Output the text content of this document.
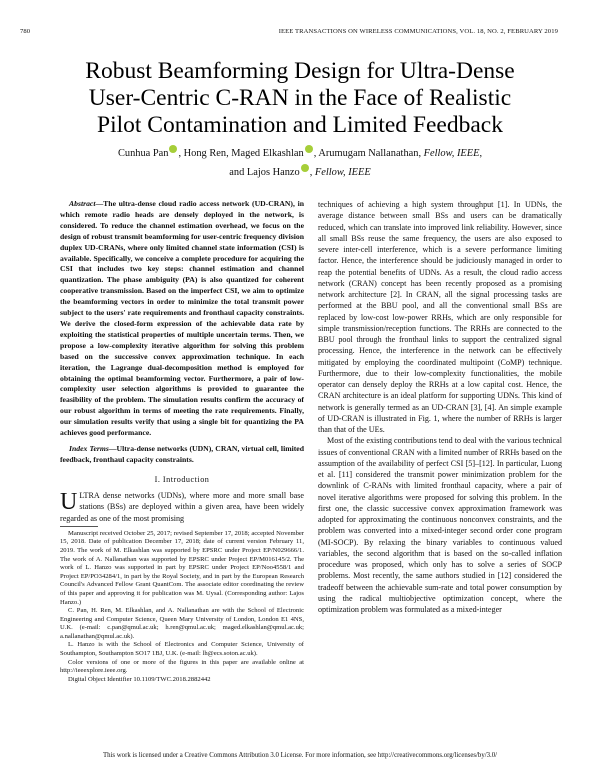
780	IEEE TRANSACTIONS ON WIRELESS COMMUNICATIONS, VOL. 18, NO. 2, FEBRUARY 2019
Robust Beamforming Design for Ultra-Dense
User-Centric C-RAN in the Face of Realistic
Pilot Contamination and Limited Feedback
Cunhua Pan iD , Hong Ren, Maged Elkashlan iD , Arumugam Nallanathan, Fellow, IEEE,
and Lajos Hanzo iD , Fellow, IEEE

Abstract—The ultra-dense cloud radio access network (UD-CRAN), in which remote radio heads are densely deployed in the network, is considered. To reduce the channel estimation overhead, we focus on the design of robust transmit beamforming for user-centric frequency division duplex UD-CRANs, where only limited channel state information (CSI) is available. Specifically, we conceive a complete procedure for acquiring the CSI that includes two key steps: channel estimation and channel quantization. The phase ambiguity (PA) is also quantized for coherent cooperative transmission. Based on the imperfect CSI, we aim to optimize the beamforming vectors in order to minimize the total transmit power subject to the users' rate requirements and fronthaul capacity constraints. We derive the closed-form expression of the achievable data rate by exploiting the statistical properties of multiple uncertain terms. Then, we propose a low-complexity iterative algorithm for solving this problem based on the successive convex approximation technique. In each iteration, the Lagrange dual-decomposition method is employed for obtaining the optimal beamforming vector. Furthermore, a pair of low-complexity user selection algorithms is provided to guarantee the feasibility of the problem. The simulation results confirm the accuracy of our robust algorithm in terms of meeting the rate requirements. Finally, our simulation results verify that using a single bit for quantizing the PA achieves good performance.

Index Terms—Ultra-dense networks (UDN), CRAN, virtual cell, limited feedback, fronthaul capacity constraints.

I. Introduction

ULTRA dense networks (UDNs), where more and more small base stations (BSs) are deployed within a given area, have been widely regarded as one of the most promising

Manuscript received October 25, 2017; revised September 17, 2018; accepted November 15, 2018. Date of publication December 17, 2018; date of current version February 11, 2019. The work of M. Elkashlan was supported by EPSRC under Project EP/N029666/1. The work of A. Nallanathan was supported by EPSRC under Project EP/M016145/2. The work of L. Hanzo was supported in part by EPSRC under Project EP/Noo4558/1 and Project EP/PO34284/1, in part by the Royal Society, and in part by the European Research Council's Advanced Fellow Grant QuantCom. The associate editor coordinating the review of this paper and approving it for publication was M. Uysal. (Corresponding author: Lajos Hanzo.)

C. Pan, H. Ren, M. Elkashlan, and A. Nallanathan are with the School of Electronic Engineering and Computer Science, Queen Mary University of London, London E1 4NS, U.K. (e-mail: c.pan@qmul.ac.uk; h.ren@qmul.ac.uk; maged.elkashlan@qmul.ac.uk; a.nallanathan@qmul.ac.uk).

L. Hanzo is with the School of Electronics and Computer Science, University of Southampton, Southampton SO17 1BJ, U.K. (e-mail: lh@ecs.soton.ac.uk).

Color versions of one or more of the figures in this paper are available online at http://ieeexplore.ieee.org.

Digital Object Identifier 10.1109/TWC.2018.2882442

techniques of achieving a high system throughput [1]. In UDNs, the average distance between small BSs and users can be dramatically reduced, which can translate into improved link reliability. However, since all small BSs reuse the same frequency, the users are also exposed to severe inter-cell interference, which is a severe performance limiting factor. Hence, the interference should be judiciously managed in order to reap the potential benefits of UDNs. As a result, the cloud radio access network (CRAN) concept has been recently proposed as a promising network architecture [2]. In CRAN, all the signal processing tasks are performed at the BBU pool, and all the conventional small BSs are replaced by low-cost low-power RRHs, which are only responsible for simple transmission/reception functions. The RRHs are connected to the BBU pool through the fronthaul links to support the centralized signal processing. Hence, the interference in the network can be effectively mitigated by employing the coordinated multipoint (CoMP) technique. Furthermore, due to their low-complexity functionalities, the mobile operator can densely deploy the RRHs at a low capital cost. Hence, the CRAN architecture is an ideal platform for supporting UDNs. This kind of network is generally termed as an UD-CRAN [3], [4]. An simple example of UD-CRAN is illustrated in Fig. 1, where the number of RRHs is larger than that of the UEs.

Most of the existing contributions tend to deal with the various technical issues of conventional CRAN with a limited number of RRHs based on the assumption of the availability of perfect CSI [5]–[12]. In particular, Luong et al. [11] considered the transmit power minimization problem for the downlink of C-RANs with limited fronthaul capacity, where a pair of novel iterative algorithms were proposed for solving this problem. In the first one, the classic successive convex approximation framework was adopted for approximating the continuous nonconvex constraints, and the problem was converted into a mixed-integer second order cone program (MI-SOCP). By relaxing the binary variables to continuous valued variables, the second algorithm that is based on the so-called inflation procedure was proposed, which only has to solve a series of SOCP problems. Most recently, the same authors studied in [12] considered the tradeoff between the achievable sum-rate and total power consumption by using the radical multiobjective optimization concept, where the optimization problem was formulated as a mixed-integer

This work is licensed under a Creative Commons Attribution 3.0 License. For more information, see http://creativecommons.org/licenses/by/3.0/
